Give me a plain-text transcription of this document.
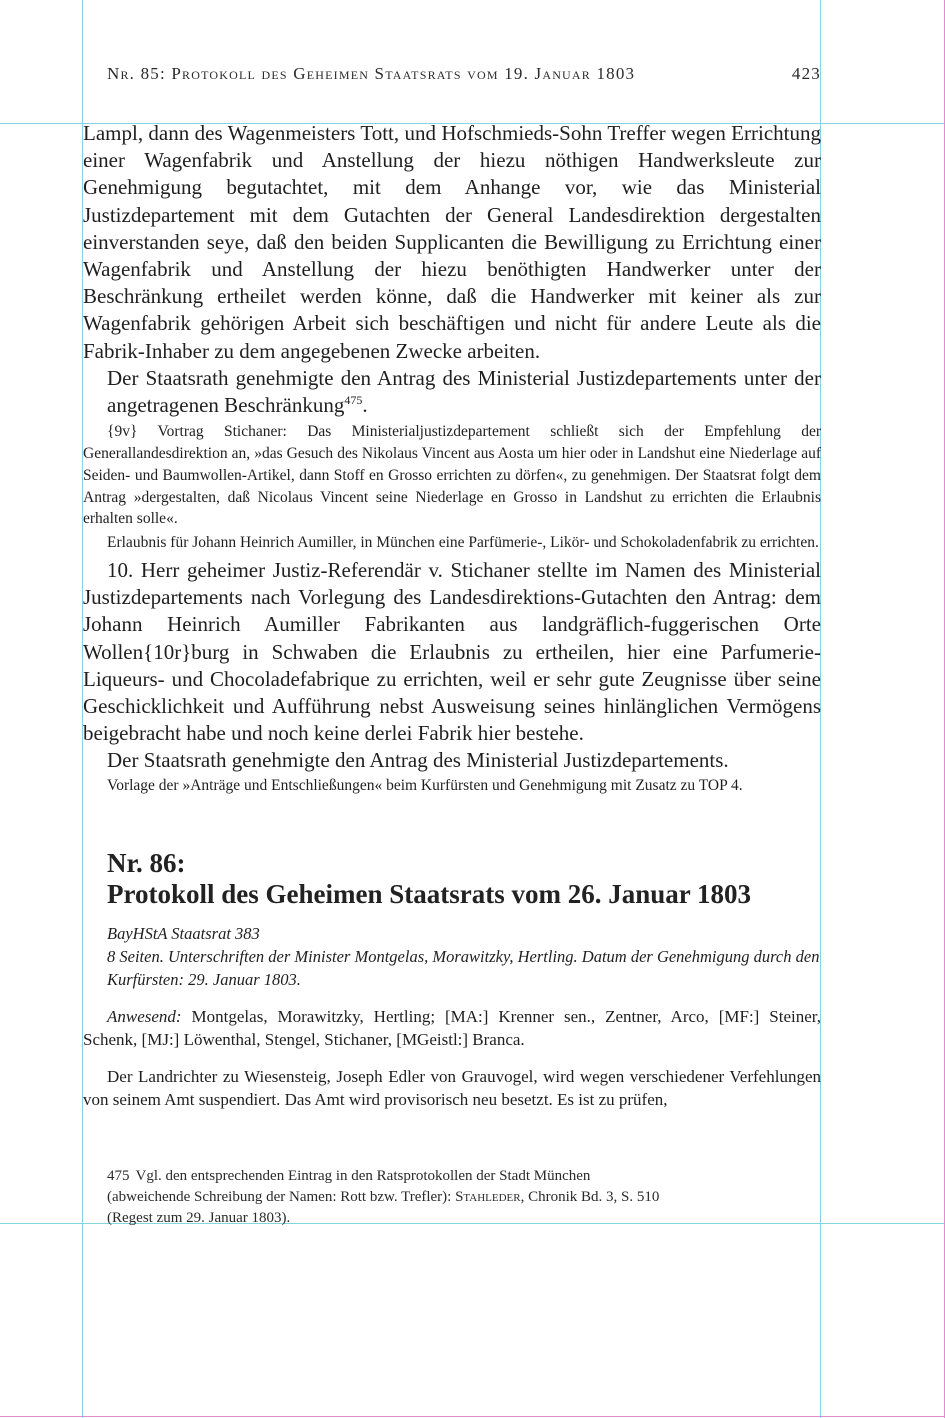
Nr. 85: Protokoll des Geheimen Staatsrats vom 19. Januar 1803	423

Lampl, dann des Wagenmeisters Tott, und Hofschmieds-Sohn Treffer wegen Errichtung einer Wagenfabrik und Anstellung der hiezu nöthigen Handwerksleute zur Genehmigung begutachtet, mit dem Anhange vor, wie das Ministerial Justizdepartement mit dem Gutachten der General Landesdirektion dergestalten einverstanden seye, daß den beiden Supplicanten die Bewilligung zu Errichtung einer Wagenfabrik und Anstellung der hiezu benöthigten Handwerker unter der Beschränkung ertheilet werden könne, daß die Handwerker mit keiner als zur Wagenfabrik gehörigen Arbeit sich beschäftigen und nicht für andere Leute als die Fabrik-Inhaber zu dem angegebenen Zwecke arbeiten.

Der Staatsrath genehmigte den Antrag des Ministerial Justizdepartements unter der angetragenen Beschränkung$^{475}$.

{9v} Vortrag Stichaner: Das Ministerialjustizdepartement schließt sich der Empfehlung der Generallandesdirektion an, »das Gesuch des Nikolaus Vincent aus Aosta um hier oder in Landshut eine Niederlage auf Seiden- und Baumwollen-Artikel, dann Stoff en Grosso errichten zu dörfen«, zu genehmigen. Der Staatsrat folgt dem Antrag »dergestalten, daß Nicolaus Vincent seine Niederlage en Grosso in Landshut zu errichten die Erlaubnis erhalten solle«.

Erlaubnis für Johann Heinrich Aumiller, in München eine Parfümerie-, Likör- und Schokoladenfabrik zu errichten.

10. Herr geheimer Justiz-Referendär v. Stichaner stellte im Namen des Ministerial Justizdepartements nach Vorlegung des Landesdirektions-Gutachten den Antrag: dem Johann Heinrich Aumiller Fabrikanten aus landgräflich-fuggerischen Orte Wollen{10r}burg in Schwaben die Erlaubnis zu ertheilen, hier eine Parfumerie- Liqueurs- und Chocoladefabrique zu errichten, weil er sehr gute Zeugnisse über seine Geschicklichkeit und Aufführung nebst Ausweisung seines hinlänglichen Vermögens beigebracht habe und noch keine derlei Fabrik hier bestehe.

Der Staatsrath genehmigte den Antrag des Ministerial Justizdepartements.

Vorlage der »Anträge und Entschließungen« beim Kurfürsten und Genehmigung mit Zusatz zu TOP 4.

Nr. 86:
Protokoll des Geheimen Staatsrats vom 26. Januar 1803
BayHStA Staatsrat 383
8 Seiten. Unterschriften der Minister Montgelas, Morawitzky, Hertling. Datum der Genehmigung durch den Kurfürsten: 29. Januar 1803.

Anwesend: Montgelas, Morawitzky, Hertling; [MA:] Krenner sen., Zentner, Arco, [MF:] Steiner, Schenk, [MJ:] Löwenthal, Stengel, Stichaner, [MGeistl:] Branca.

Der Landrichter zu Wiesensteig, Joseph Edler von Grauvogel, wird wegen verschiedener Verfehlungen von seinem Amt suspendiert. Das Amt wird provisorisch neu besetzt. Es ist zu prüfen,

475 Vgl. den entsprechenden Eintrag in den Ratsprotokollen der Stadt München (abweichende Schreibung der Namen: Rott bzw. Trefler): Stahleder, Chronik Bd. 3, S. 510 (Regest zum 29. Januar 1803).
